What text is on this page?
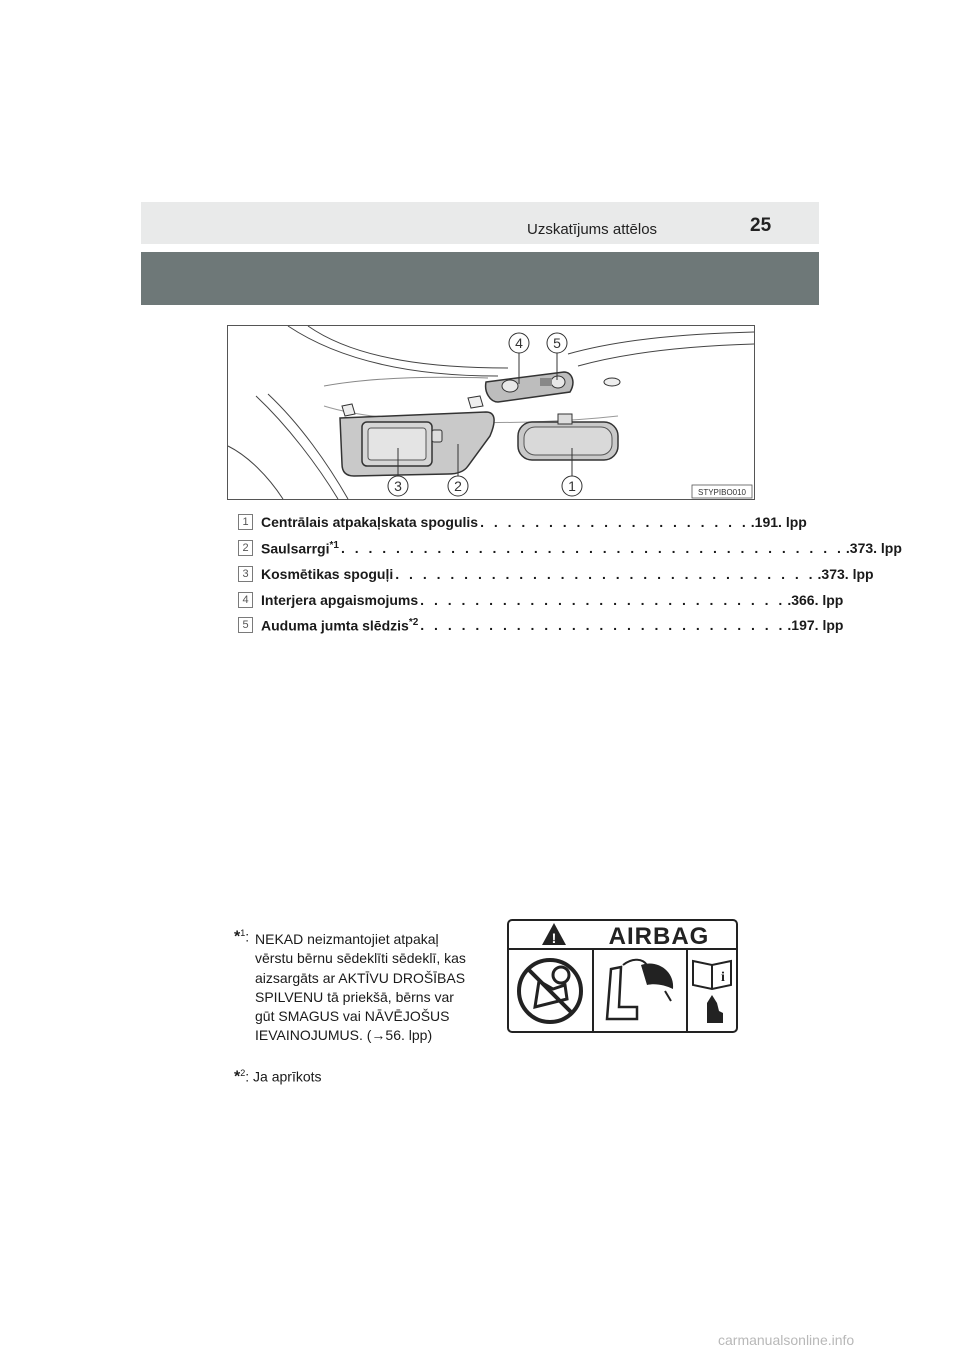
Uzskatījums attēlos	25
4 5
3	2	1	STYPIBO010
1 Centrālais atpakaļskata spogulis . . . . . . . . . . . . . . . . . . . . .191. lpp
2 Saulsarrgi$^{*1}$ . . . . . . . . . . . . . . . . . . . . . . . . . . . . . . . . . . . . . .373. lpp
3 Kosmētikas spoguļi . . . . . . . . . . . . . . . . . . . . . . . . . . . . . . . .373. lpp
4 Interjera apgaismojums . . . . . . . . . . . . . . . . . . . . . . . . . . . .366. lpp
5 Auduma jumta slēdzis$^{*2}$ . . . . . . . . . . . . . . . . . . . . . . . . . . . .197. lpp
*$^1$: NEKAD neizmantojiet atpakaļ
vērstu bērnu sēdeklīti sēdeklī, kas
aizsargāts ar AKTĪVU DROŠĪBAS
SPILVENU tā priekšā, bērns var
gūt SMAGUS vai NĀVĒJOŠUS
IEVAINOJUMUS. (→56. lpp)
*$^2$: Ja aprīkots
! AIRBAG
i
carmanualsonline.info
